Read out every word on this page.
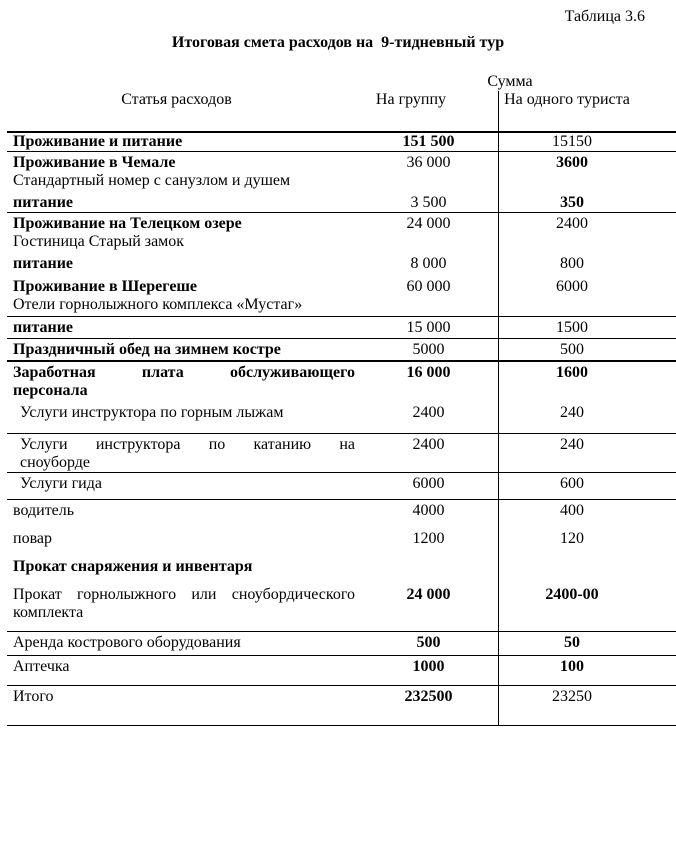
Таблица 3.6
Итоговая смета расходов на  9-тидневный тур
Сумма
Статья расходов	На группу	На одного туриста
Проживание и питание	151 500	15150
Проживание в Чемале
Стандартный номер с санузлом и душем
36 000	3600
питание	3 500	350
Проживание на Телецком озере
Гостиница Старый замок
24 000	2400
питание	8 000	800
Проживание в Шерегеше
Отели горнолыжного комплекса «Мустаг»
60 000	6000
питание	15 000	1500
Праздничный обед на зимнем костре	5000	500
Заработная плата обслуживающего
персонала
16 000	1600
Услуги инструктора по горным лыжам	2400	240
Услуги инструктора по катанию на
сноуборде
2400	240
Услуги гида	6000	600
водитель	4000	400
повар	1200	120
Прокат снаряжения и инвентаря
Прокат горнолыжного или сноубордического
комплекта
24 000	2400-00
Аренда кострового оборудования	500	50
Аптечка	1000	100
Итого	232500	23250
